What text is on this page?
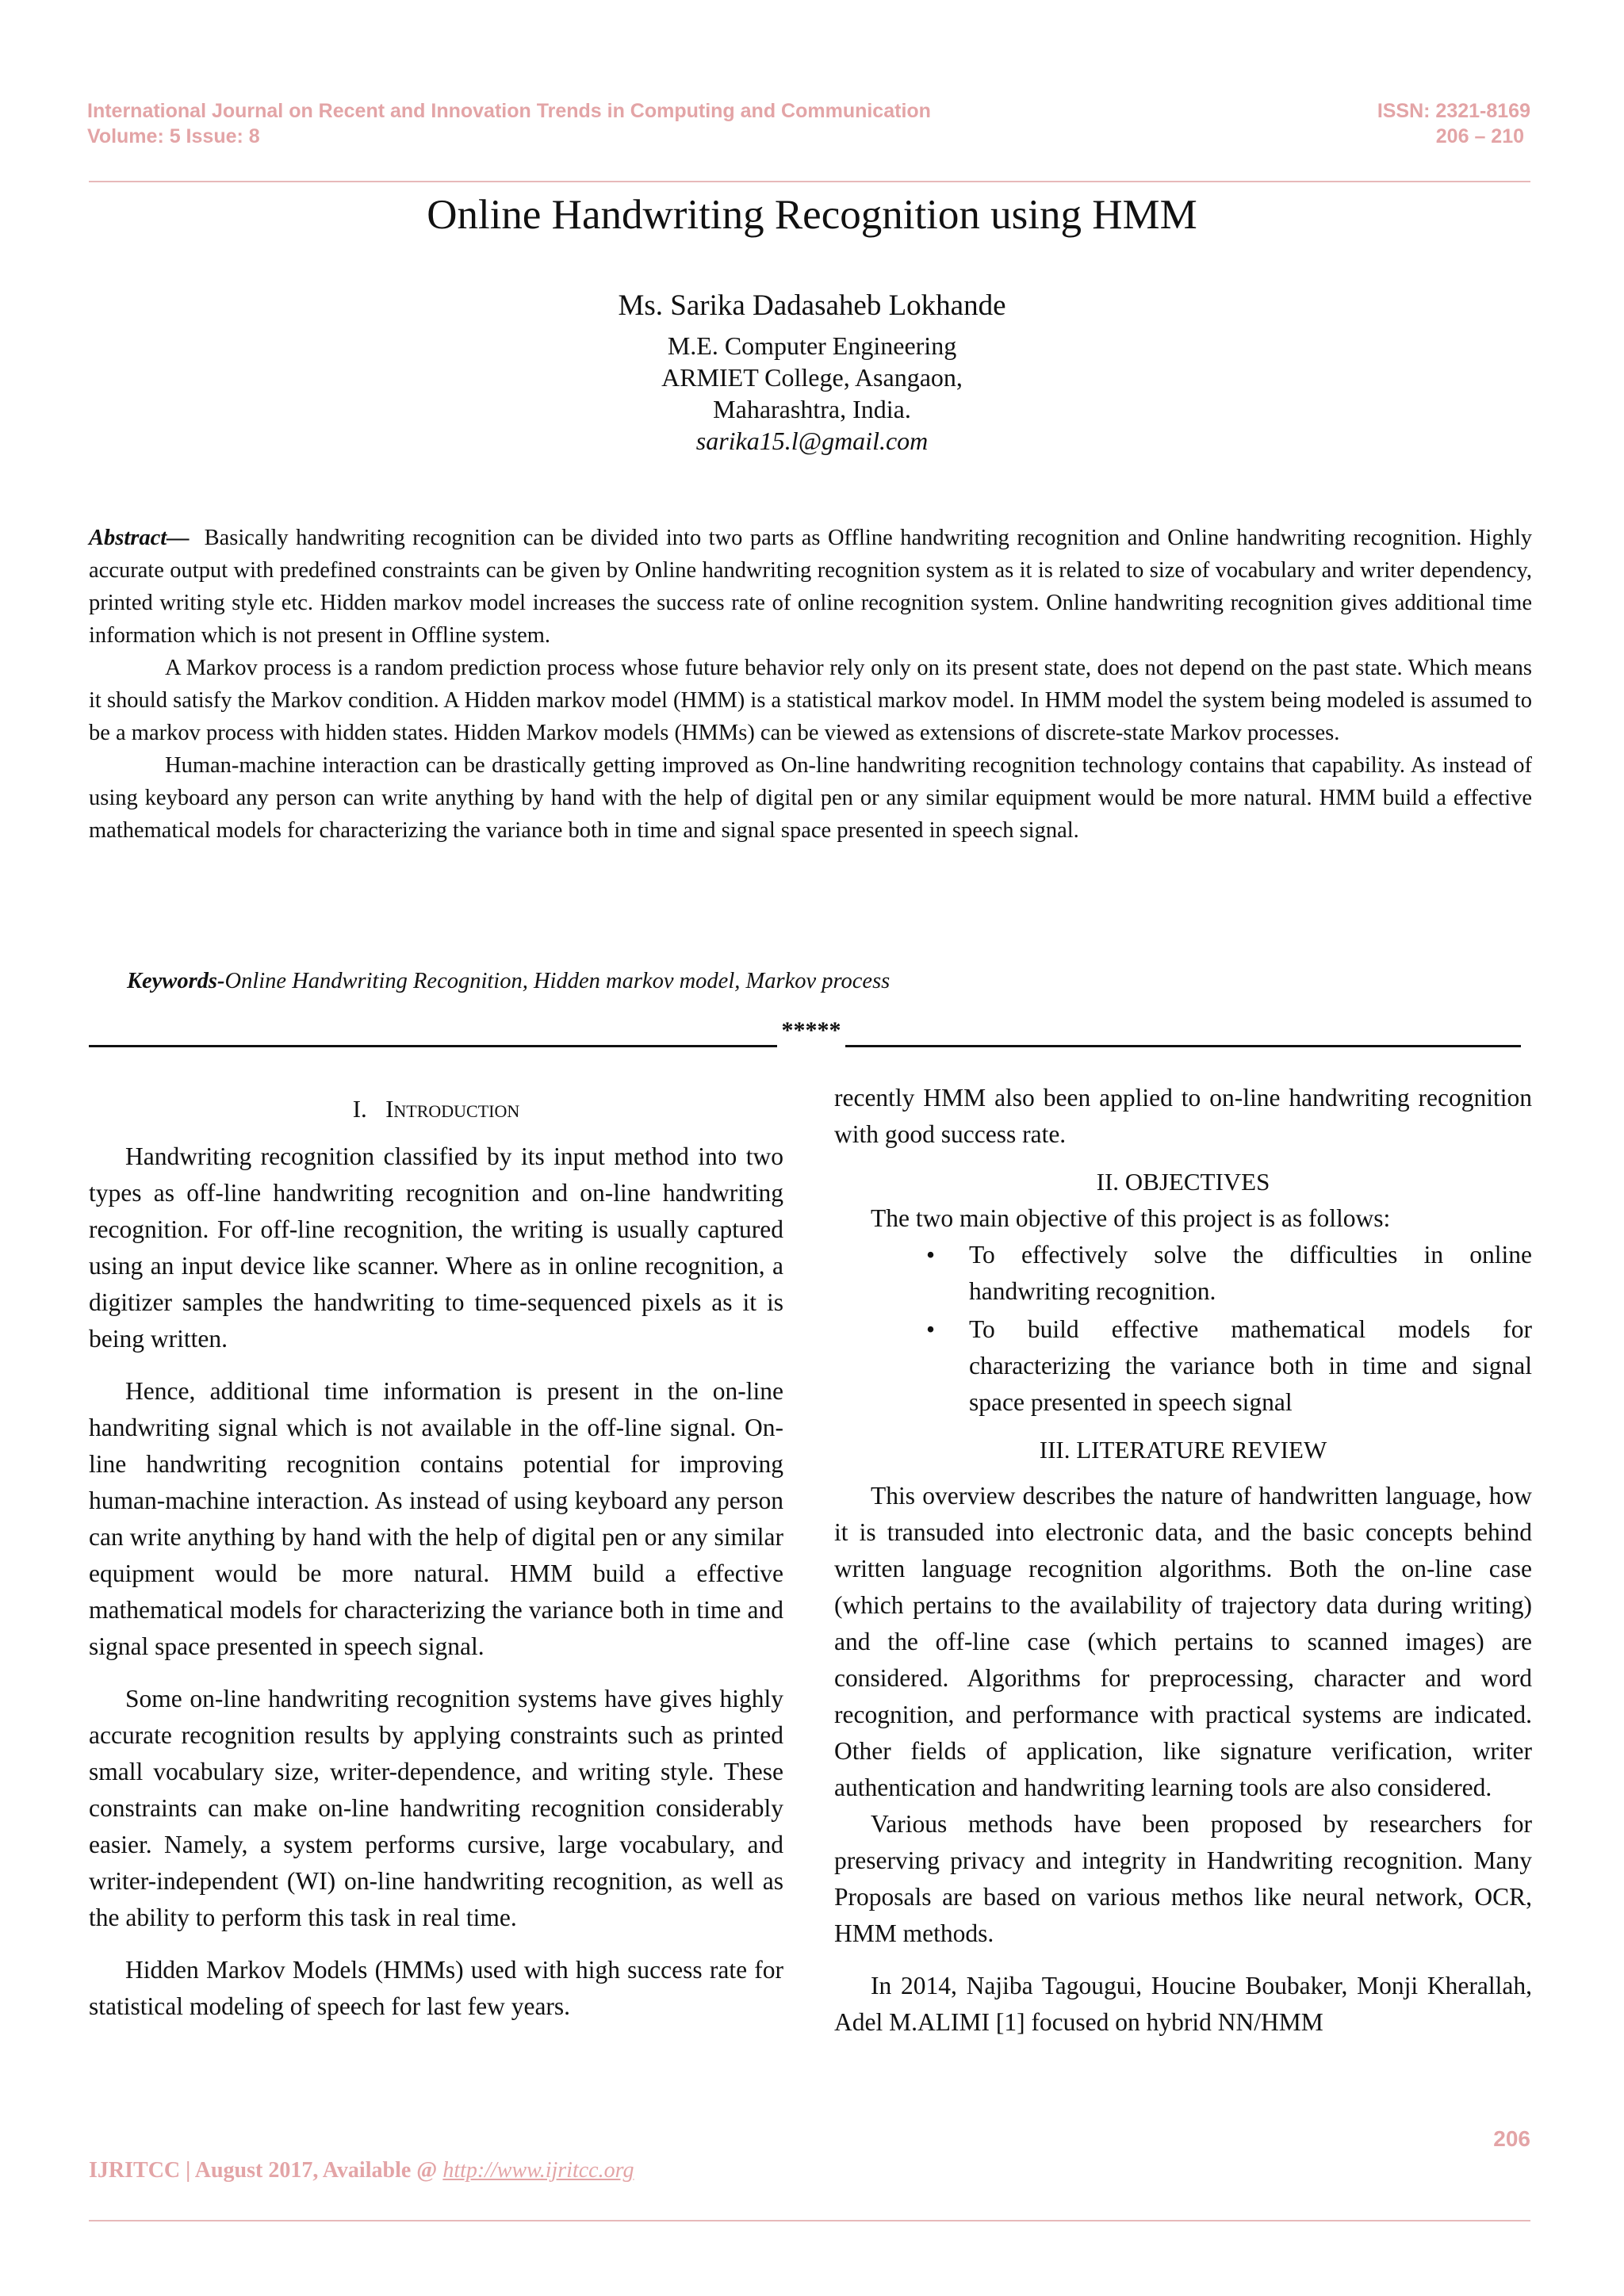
International Journal on Recent and Innovation Trends in Computing and Communication
Volume: 5 Issue: 8
ISSN: 2321-8169
206 – 210
Online Handwriting Recognition using HMM
Ms. Sarika Dadasaheb Lokhande
M.E. Computer Engineering
ARMIET College, Asangaon,
Maharashtra, India.
sarika15.l@gmail.com

Abstract— Basically handwriting recognition can be divided into two parts as Offline handwriting recognition and Online handwriting recognition. Highly accurate output with predefined constraints can be given by Online handwriting recognition system as it is related to size of vocabulary and writer dependency, printed writing style etc. Hidden markov model increases the success rate of online recognition system. Online handwriting recognition gives additional time information which is not present in Offline system.

A Markov process is a random prediction process whose future behavior rely only on its present state, does not depend on the past state. Which means it should satisfy the Markov condition. A Hidden markov model (HMM) is a statistical markov model. In HMM model the system being modeled is assumed to be a markov process with hidden states. Hidden Markov models (HMMs) can be viewed as extensions of discrete-state Markov processes.

Human-machine interaction can be drastically getting improved as On-line handwriting recognition technology contains that capability. As instead of using keyboard any person can write anything by hand with the help of digital pen or any similar equipment would be more natural. HMM build a effective mathematical models for characterizing the variance both in time and signal space presented in speech signal.

Keywords-Online Handwriting Recognition, Hidden markov model, Markov process
*****
I. Introduction

Handwriting recognition classified by its input method into two types as off-line handwriting recognition and on-line handwriting recognition. For off-line recognition, the writing is usually captured using an input device like scanner. Where as in online recognition, a digitizer samples the handwriting to time-sequenced pixels as it is being written.

Hence, additional time information is present in the on-line handwriting signal which is not available in the off-line signal. On-line handwriting recognition contains potential for improving human-machine interaction. As instead of using keyboard any person can write anything by hand with the help of digital pen or any similar equipment would be more natural. HMM build a effective mathematical models for characterizing the variance both in time and signal space presented in speech signal.

Some on-line handwriting recognition systems have gives highly accurate recognition results by applying constraints such as printed small vocabulary size, writer-dependence, and writing style. These constraints can make on-line handwriting recognition considerably easier. Namely, a system performs cursive, large vocabulary, and writer-independent (WI) on-line handwriting recognition, as well as the ability to perform this task in real time.

Hidden Markov Models (HMMs) used with high success rate for statistical modeling of speech for last few years.

recently HMM also been applied to on-line handwriting recognition with good success rate.

II. OBJECTIVES

The two main objective of this project is as follows:

• To effectively solve the difficulties in online handwriting recognition.
• To build effective mathematical models for characterizing the variance both in time and signal space presented in speech signal
III. LITERATURE REVIEW

This overview describes the nature of handwritten language, how it is transuded into electronic data, and the basic concepts behind written language recognition algorithms. Both the on-line case (which pertains to the availability of trajectory data during writing) and the off-line case (which pertains to scanned images) are considered. Algorithms for preprocessing, character and word recognition, and performance with practical systems are indicated. Other fields of application, like signature verification, writer authentication and handwriting learning tools are also considered.

Various methods have been proposed by researchers for preserving privacy and integrity in Handwriting recognition. Many Proposals are based on various methos like neural network, OCR, HMM methods.

In 2014, Najiba Tagougui, Houcine Boubaker, Monji Kherallah, Adel M.ALIMI [1] focused on hybrid NN/HMM

206
IJRITCC | August 2017, Available @ http://www.ijritcc.org
